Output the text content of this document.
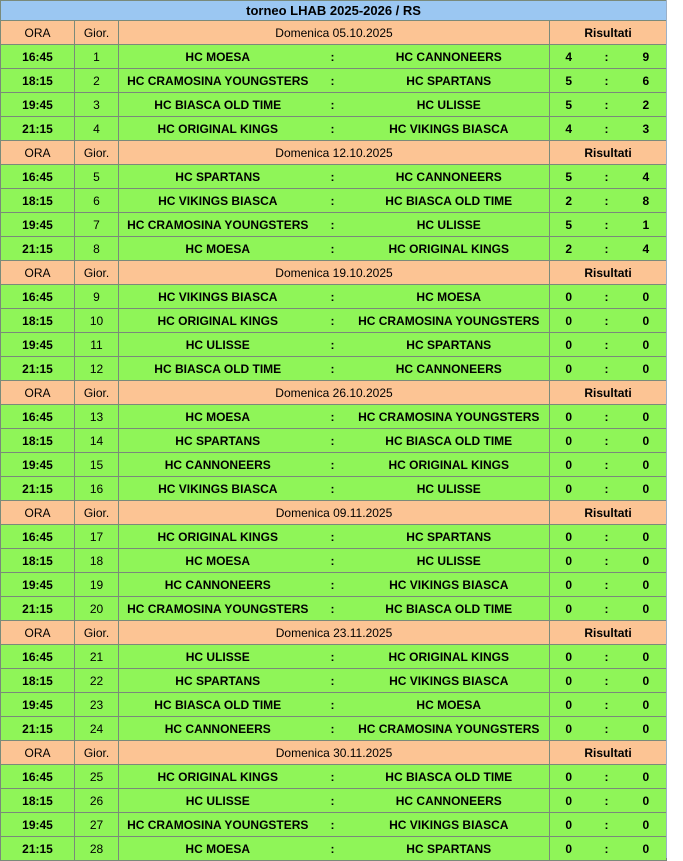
torneo LHAB 2025-2026 / RS							
ORA	Gior.	Domenica 05.10.2025			Risultati		
16:45	1	HC MOESA	:	HC CANNONEERS	4	:	9
18:15	2	HC CRAMOSINA YOUNGSTERS	:	HC SPARTANS	5	:	6
19:45	3	HC BIASCA OLD TIME	:	HC ULISSE	5	:	2
21:15	4	HC ORIGINAL KINGS	:	HC VIKINGS BIASCA	4	:	3
ORA	Gior.	Domenica 12.10.2025			Risultati		
16:45	5	HC SPARTANS	:	HC CANNONEERS	5	:	4
18:15	6	HC VIKINGS BIASCA	:	HC BIASCA OLD TIME	2	:	8
19:45	7	HC CRAMOSINA YOUNGSTERS	:	HC ULISSE	5	:	1
21:15	8	HC MOESA	:	HC ORIGINAL KINGS	2	:	4
ORA	Gior.	Domenica 19.10.2025			Risultati		
16:45	9	HC VIKINGS BIASCA	:	HC MOESA	0	:	0
18:15	10	HC ORIGINAL KINGS	:	HC CRAMOSINA YOUNGSTERS	0	:	0
19:45	11	HC ULISSE	:	HC SPARTANS	0	:	0
21:15	12	HC BIASCA OLD TIME	:	HC CANNONEERS	0	:	0
ORA	Gior.	Domenica 26.10.2025			Risultati		
16:45	13	HC MOESA	:	HC CRAMOSINA YOUNGSTERS	0	:	0
18:15	14	HC SPARTANS	:	HC BIASCA OLD TIME	0	:	0
19:45	15	HC CANNONEERS	:	HC ORIGINAL KINGS	0	:	0
21:15	16	HC VIKINGS BIASCA	:	HC ULISSE	0	:	0
ORA	Gior.	Domenica 09.11.2025			Risultati		
16:45	17	HC ORIGINAL KINGS	:	HC SPARTANS	0	:	0
18:15	18	HC MOESA	:	HC ULISSE	0	:	0
19:45	19	HC CANNONEERS	:	HC VIKINGS BIASCA	0	:	0
21:15	20	HC CRAMOSINA YOUNGSTERS	:	HC BIASCA OLD TIME	0	:	0
ORA	Gior.	Domenica 23.11.2025			Risultati		
16:45	21	HC ULISSE	:	HC ORIGINAL KINGS	0	:	0
18:15	22	HC SPARTANS	:	HC VIKINGS BIASCA	0	:	0
19:45	23	HC BIASCA OLD TIME	:	HC MOESA	0	:	0
21:15	24	HC CANNONEERS	:	HC CRAMOSINA YOUNGSTERS	0	:	0
ORA	Gior.	Domenica 30.11.2025			Risultati		
16:45	25	HC ORIGINAL KINGS	:	HC BIASCA OLD TIME	0	:	0
18:15	26	HC ULISSE	:	HC CANNONEERS	0	:	0
19:45	27	HC CRAMOSINA YOUNGSTERS	:	HC VIKINGS BIASCA	0	:	0
21:15	28	HC MOESA	:	HC SPARTANS	0	:	0
